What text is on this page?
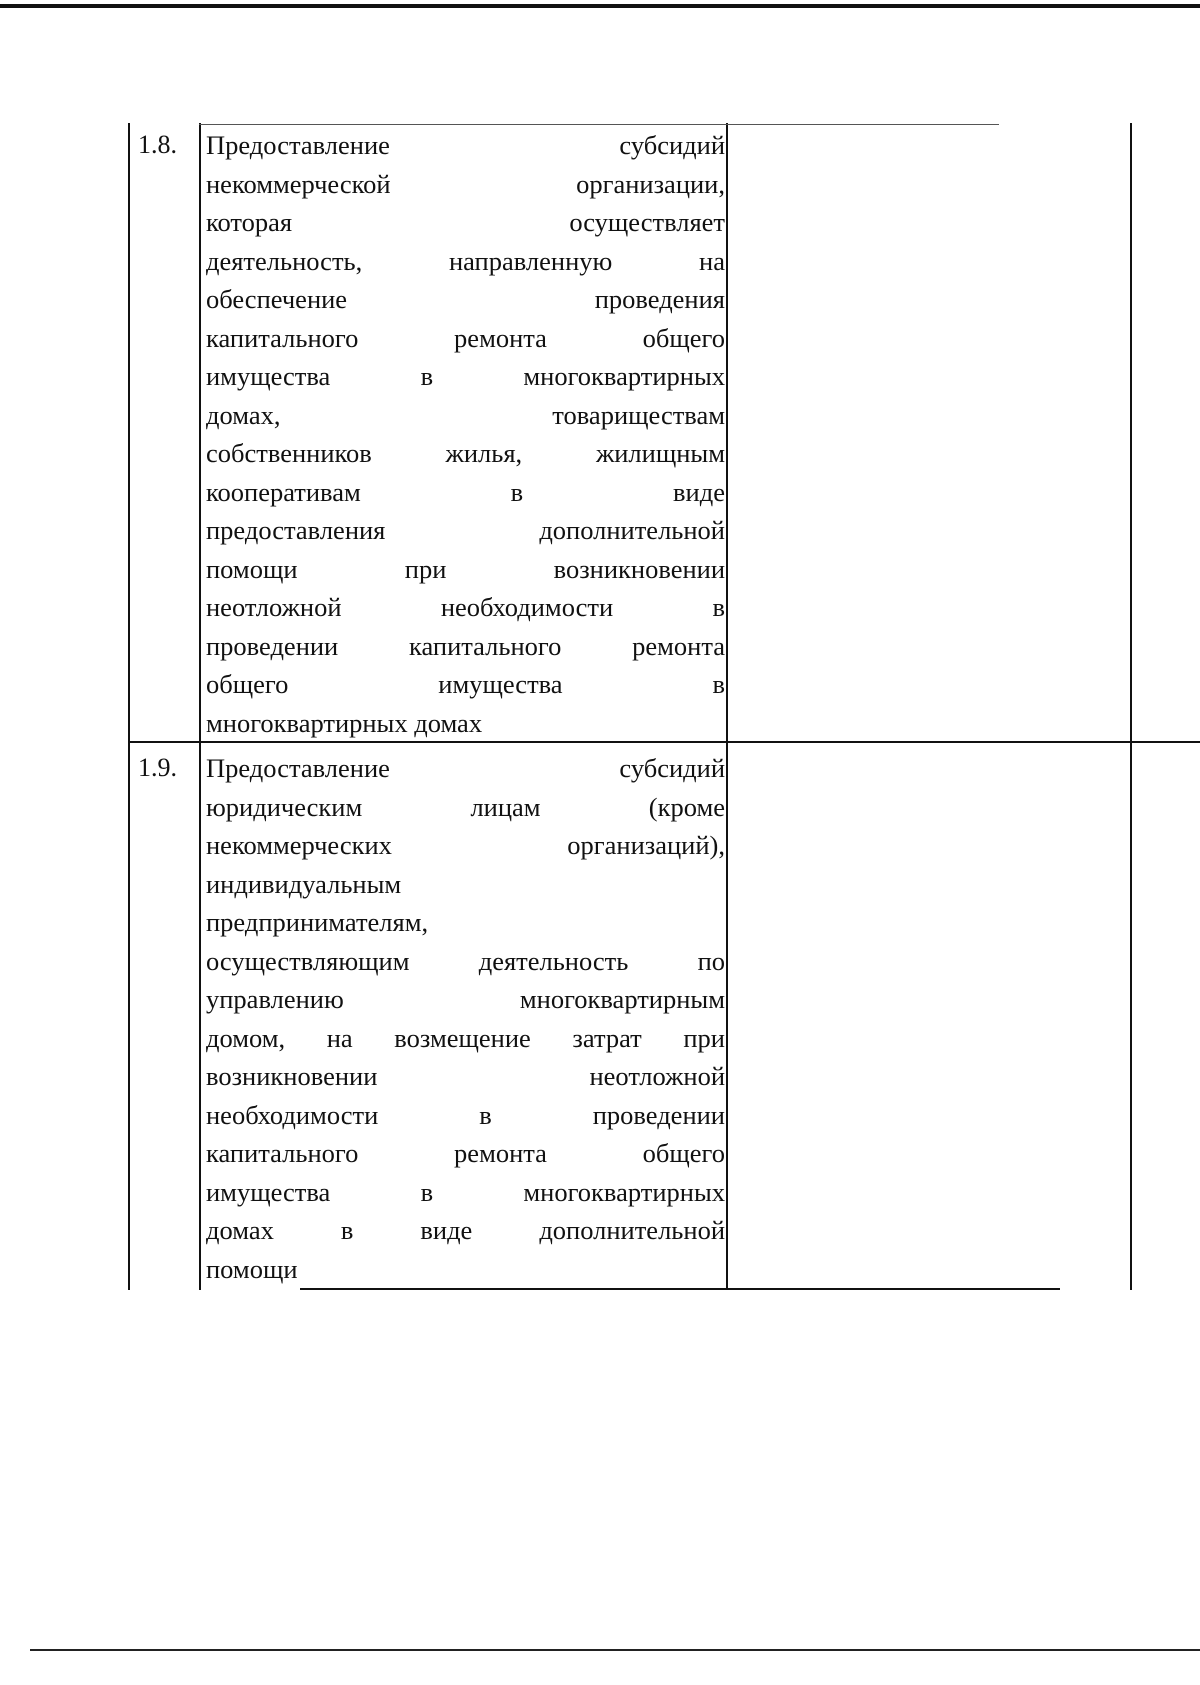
1.8.	Предоставление субсидий
некоммерческой организации,
которая осуществляет
деятельность, направленную на
обеспечение проведения
капитального ремонта общего
имущества в многоквартирных
домах, товариществам
собственников жилья, жилищным
кооперативам в виде
предоставления дополнительной
помощи при возникновении
неотложной необходимости в
проведении капитального ремонта
общего имущества в
многоквартирных домах
1.9.	Предоставление субсидий
юридическим лицам (кроме
некоммерческих организаций),
индивидуальным
предпринимателям,
осуществляющим деятельность по
управлению многоквартирным
домом, на возмещение затрат при
возникновении неотложной
необходимости в проведении
капитального ремонта общего
имущества в многоквартирных
домах в виде дополнительной
помощи
